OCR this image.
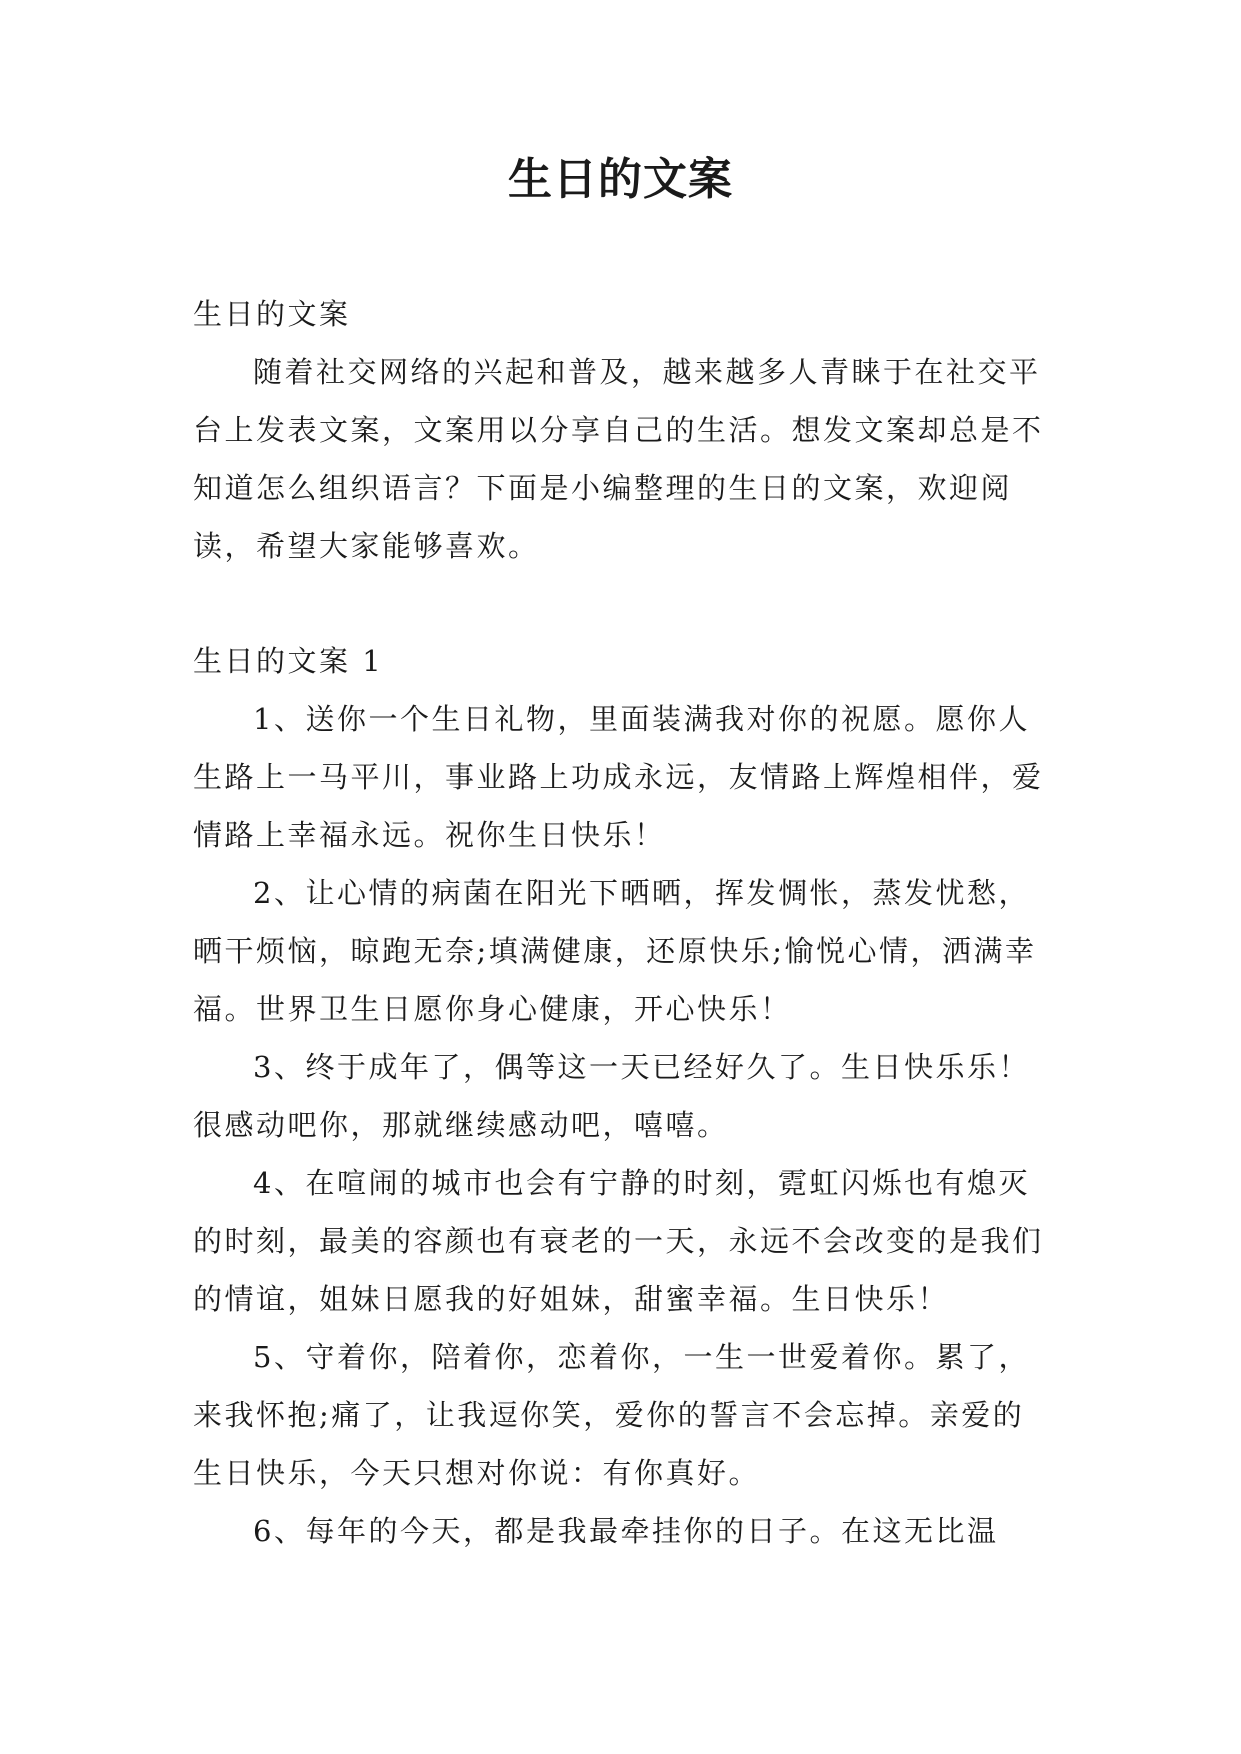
生日的文案

生日的文案

随着社交网络的兴起和普及，越来越多人青睐于在社交平台上发表文案，文案用以分享自己的生活。想发文案却总是不知道怎么组织语言？下面是小编整理的生日的文案，欢迎阅读，希望大家能够喜欢。

生日的文案 1

1、送你一个生日礼物，里面装满我对你的祝愿。愿你人生路上一马平川，事业路上功成永远，友情路上辉煌相伴，爱情路上幸福永远。祝你生日快乐！

2、让心情的病菌在阳光下晒晒，挥发惆怅，蒸发忧愁，晒干烦恼，晾跑无奈;填满健康，还原快乐;愉悦心情，洒满幸福。世界卫生日愿你身心健康，开心快乐！

3、终于成年了，偶等这一天已经好久了。生日快乐乐！很感动吧你，那就继续感动吧，嘻嘻。

4、在喧闹的城市也会有宁静的时刻，霓虹闪烁也有熄灭的时刻，最美的容颜也有衰老的一天，永远不会改变的是我们的情谊，姐妹日愿我的好姐妹，甜蜜幸福。生日快乐！

5、守着你，陪着你，恋着你，一生一世爱着你。累了，来我怀抱;痛了，让我逗你笑，爱你的誓言不会忘掉。亲爱的生日快乐，今天只想对你说：有你真好。

6、每年的今天，都是我最牵挂你的日子。在这无比温
